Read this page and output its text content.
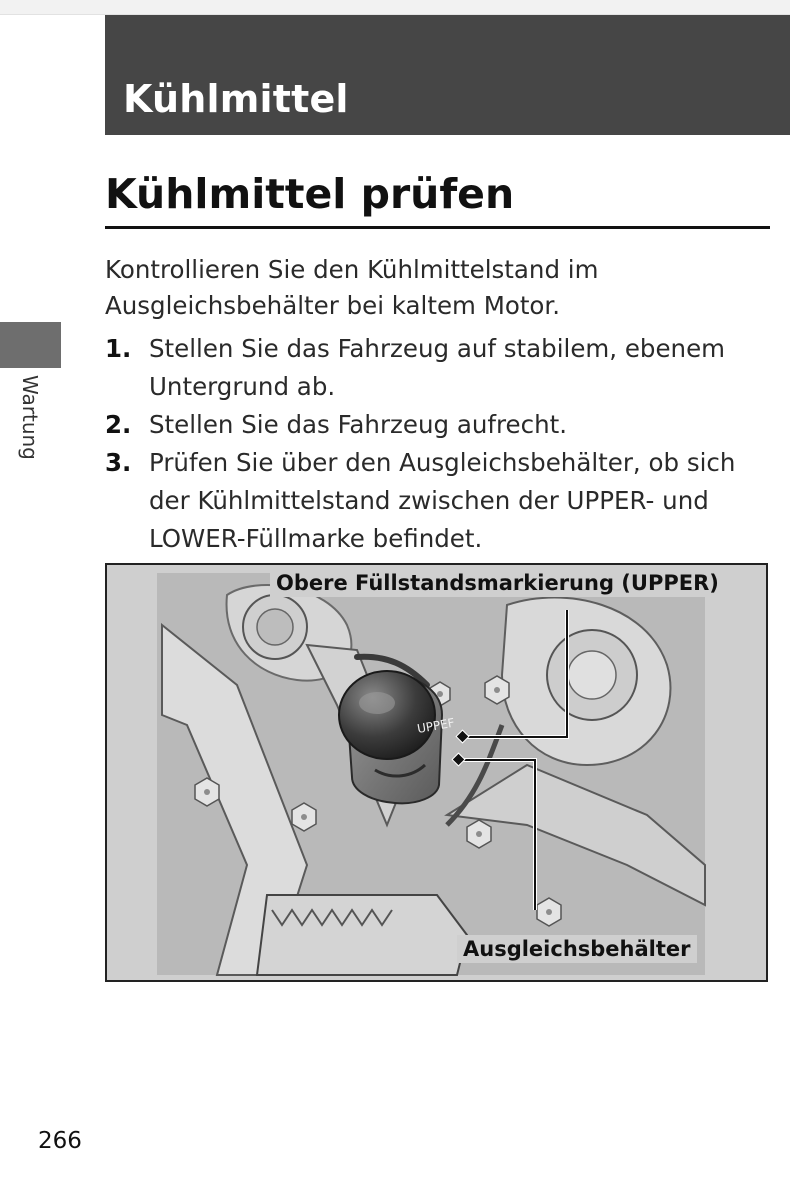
Kühlmittel
Kühlmittel prüfen
Wartung
Kontrollieren Sie den Kühlmittelstand im Ausgleichsbehälter bei kaltem Motor.
1. Stellen Sie das Fahrzeug auf stabilem, ebenem Untergrund ab.
2. Stellen Sie das Fahrzeug aufrecht.
3. Prüfen Sie über den Ausgleichsbehälter, ob sich der Kühlmittelstand zwischen der UPPER- und LOWER-Füllmarke befindet.
UPPEF
Obere Füllstandsmarkierung (UPPER)
Ausgleichsbehälter
266
